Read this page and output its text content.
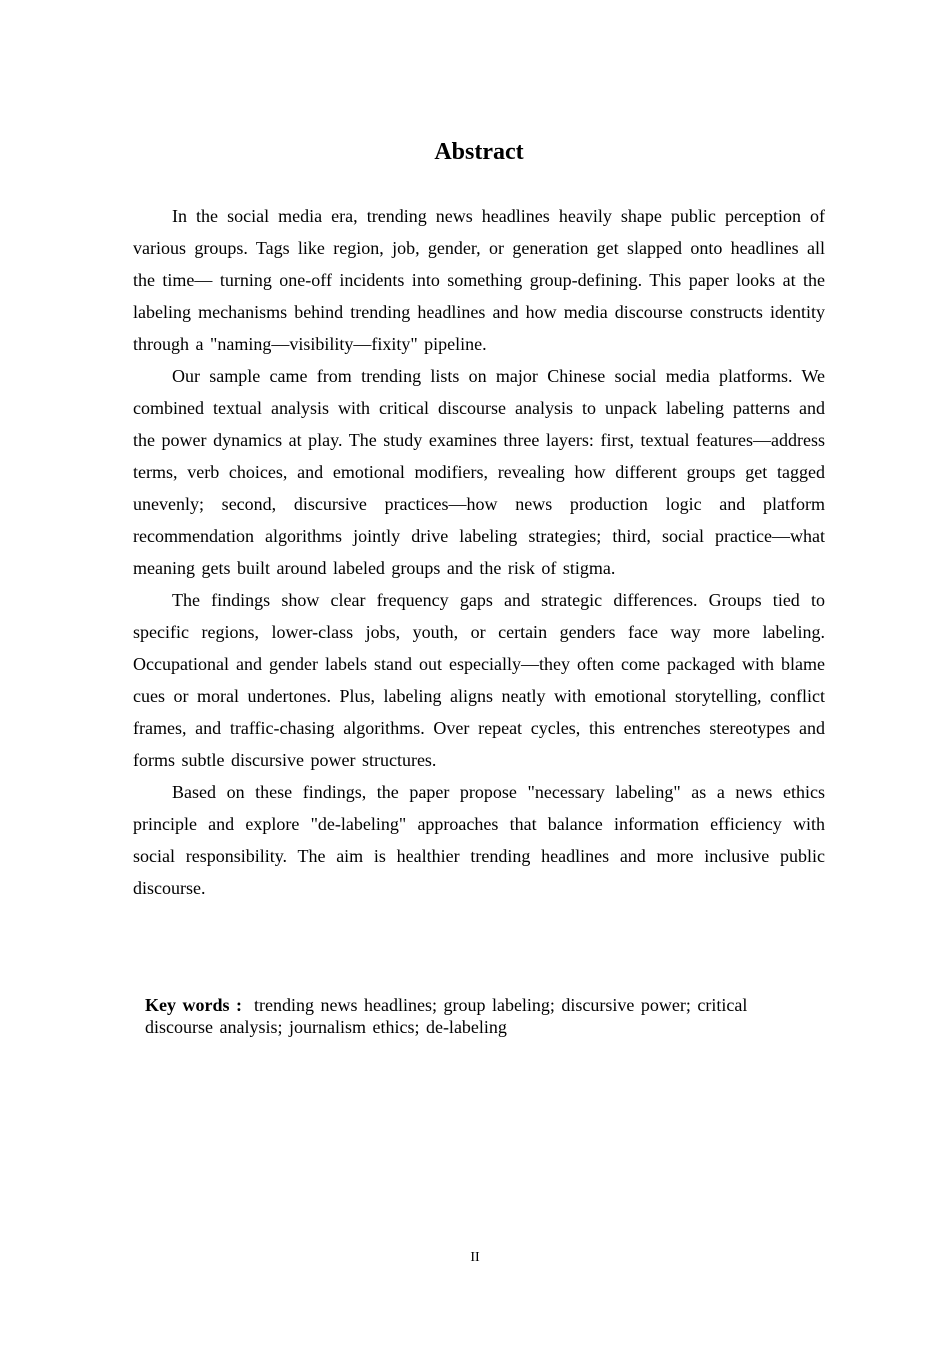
Abstract

In the social media era, trending news headlines heavily shape public perception of various groups. Tags like region, job, gender, or generation get slapped onto headlines all the time— turning one-off incidents into something group-defining. This paper looks at the labeling mechanisms behind trending headlines and how media discourse constructs identity through a "naming—visibility—fixity" pipeline.

Our sample came from trending lists on major Chinese social media platforms. We combined textual analysis with critical discourse analysis to unpack labeling patterns and the power dynamics at play. The study examines three layers: first, textual features—address terms, verb choices, and emotional modifiers, revealing how different groups get tagged unevenly; second, discursive practices—how news production logic and platform recommendation algorithms jointly drive labeling strategies; third, social practice—what meaning gets built around labeled groups and the risk of stigma.

The findings show clear frequency gaps and strategic differences. Groups tied to specific regions, lower-class jobs, youth, or certain genders face way more labeling. Occupational and gender labels stand out especially—they often come packaged with blame cues or moral undertones. Plus, labeling aligns neatly with emotional storytelling, conflict frames, and traffic-chasing algorithms. Over repeat cycles, this entrenches stereotypes and forms subtle discursive power structures.

Based on these findings, the paper propose "necessary labeling" as a news ethics principle and explore "de-labeling" approaches that balance information efficiency with social responsibility. The aim is healthier trending headlines and more inclusive public discourse.

Key words : trending news headlines; group labeling; discursive power; critical discourse analysis; journalism ethics; de-labeling

II
